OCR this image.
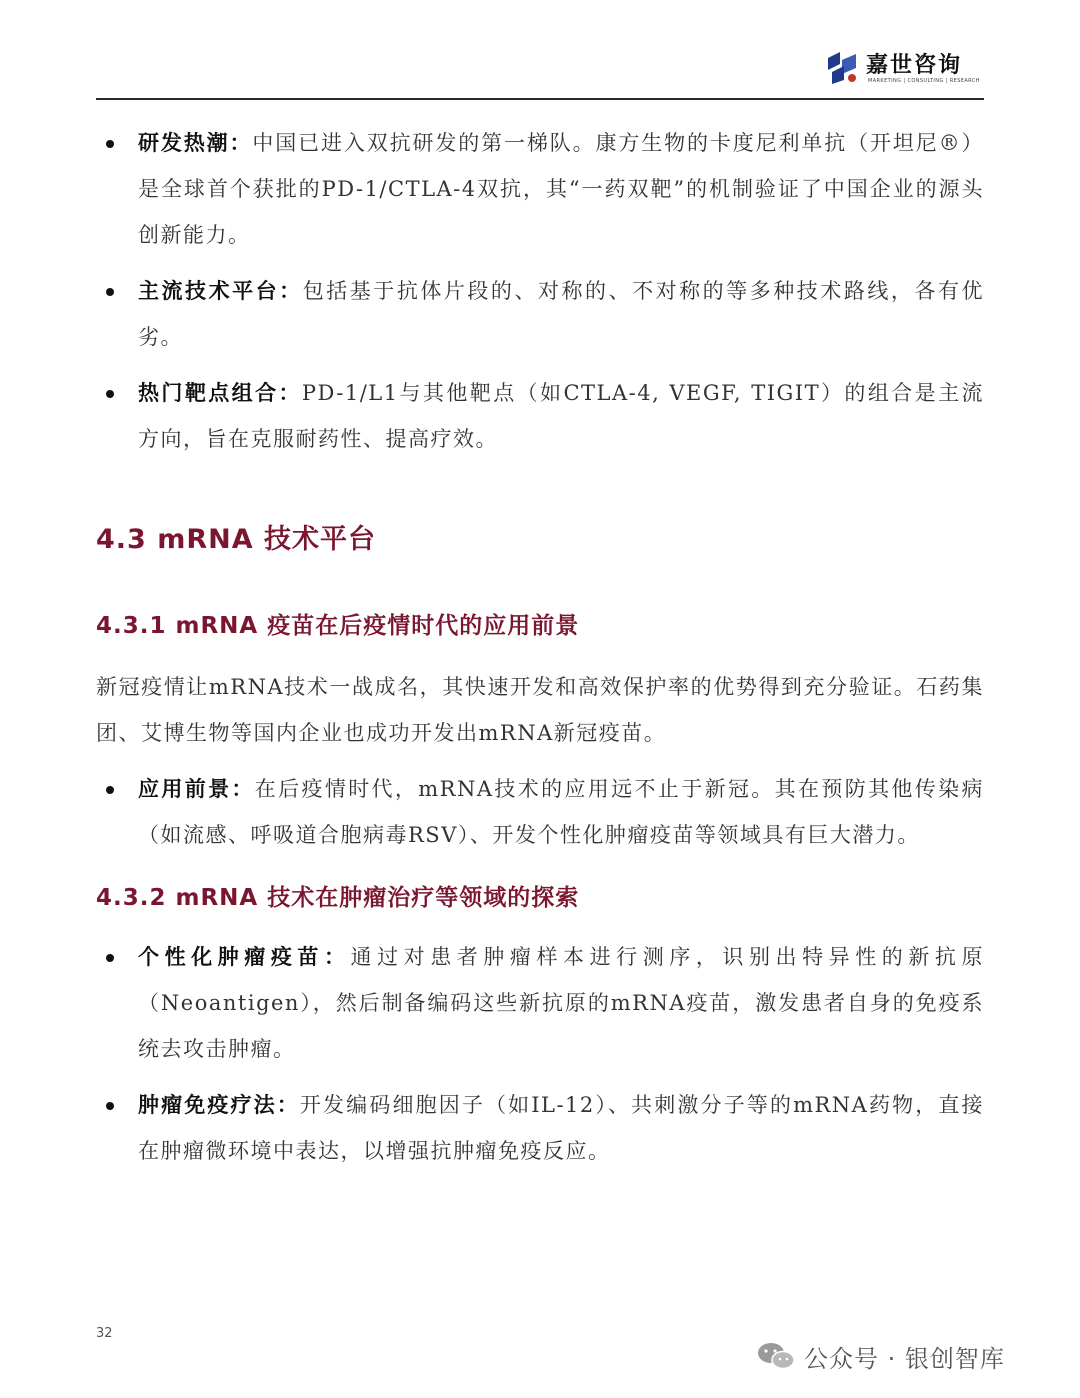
嘉世咨询
MARKETING | CONSULTING | RESEARCH
研发热潮：中国已进入双抗研发的第一梯队。康方生物的卡度尼利单抗（开坦尼®）是全球首个获批的PD-1/CTLA-4双抗，其“一药双靶”的机制验证了中国企业的源头创新能力。
主流技术平台：包括基于抗体片段的、对称的、不对称的等多种技术路线，各有优劣。
热门靶点组合：PD-1/L1与其他靶点（如CTLA-4, VEGF, TIGIT）的组合是主流方向，旨在克服耐药性、提高疗效。
4.3 mRNA 技术平台
4.3.1 mRNA 疫苗在后疫情时代的应用前景
新冠疫情让mRNA技术一战成名，其快速开发和高效保护率的优势得到充分验证。石药集团、艾博生物等国内企业也成功开发出mRNA新冠疫苗。
应用前景：在后疫情时代，mRNA技术的应用远不止于新冠。其在预防其他传染病（如流感、呼吸道合胞病毒RSV）、开发个性化肿瘤疫苗等领域具有巨大潜力。
4.3.2 mRNA 技术在肿瘤治疗等领域的探索
个性化肿瘤疫苗：通过对患者肿瘤样本进行测序，识别出特异性的新抗原（Neoantigen），然后制备编码这些新抗原的mRNA疫苗，激发患者自身的免疫系统去攻击肿瘤。
肿瘤免疫疗法：开发编码细胞因子（如IL-12）、共刺激分子等的mRNA药物，直接在肿瘤微环境中表达，以增强抗肿瘤免疫反应。
32
公众号 · 银创智库
